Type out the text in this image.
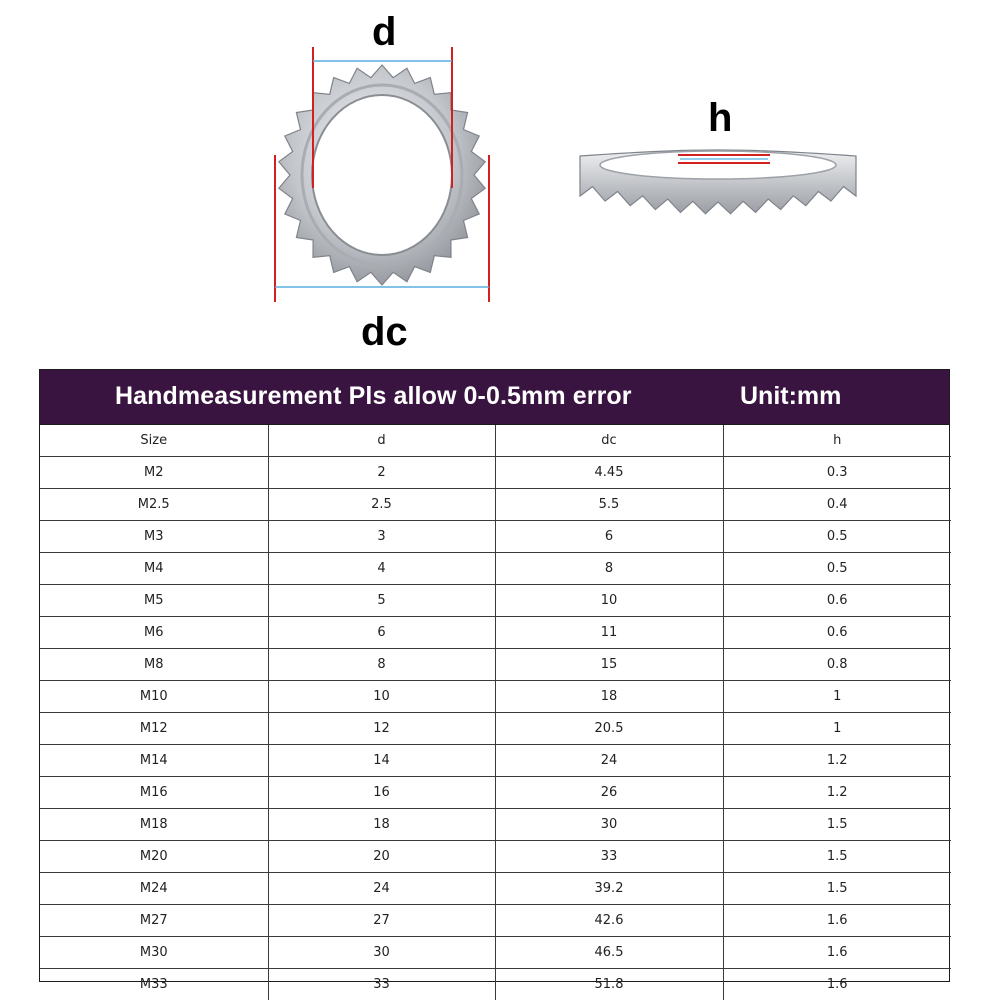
d
dc
h
Handmeasurement Pls allow 0-0.5mm error	Unit:mm
Size	d	dc	h
M2	2	4.45	0.3
M2.5	2.5	5.5	0.4
M3	3	6	0.5
M4	4	8	0.5
M5	5	10	0.6
M6	6	11	0.6
M8	8	15	0.8
M10	10	18	1
M12	12	20.5	1
M14	14	24	1.2
M16	16	26	1.2
M18	18	30	1.5
M20	20	33	1.5
M24	24	39.2	1.5
M27	27	42.6	1.6
M30	30	46.5	1.6
M33	33	51.8	1.6
